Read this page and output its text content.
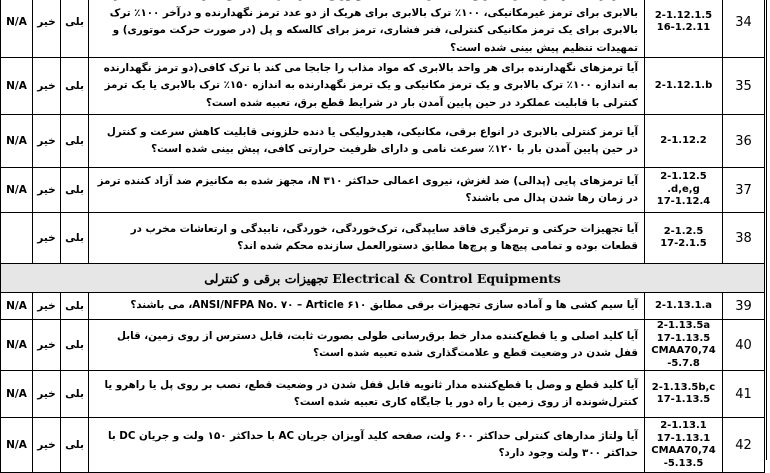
N/A	خیر	بلی	بالابری برای ترمز غیرمکانیکی، ۱۰۰٪ ترک بالابری برای هریک از دو عدد ترمز نگهدارنده و درآخر ۱۰۰٪ ترک بالابری برای یک ترمز مکانیکی کنترلی، فنر فشاری، ترمز برای کالسکه و پل (در صورت حرکت موتوری) و تمهیدات تنظیم پیش بینی شده است؟	2-1.12.1.5
16-1.2.11	34
N/A	خیر	بلی	آیا ترمزهای نگهدارنده برای هر واحد بالابری که مواد مذاب را جابجا می کند با ترک کافی(دو ترمز نگهدارنده به اندازه ۱۰۰٪ ترک بالابری و یک ترمز مکانیکی و یک ترمز نگهدارنده به اندازه ۱۵۰٪ ترک بالابری یا یک ترمز کنترلی با قابلیت عملکرد در حین پایین آمدن بار در شرایط قطع برق، تعبیه شده است؟	2-1.12.1.b	35
N/A	خیر	بلی	آیا ترمز کنترلی بالابری در انواع برقی، مکانیکی، هیدرولیکی یا دنده حلزونی قابلیت کاهش سرعت و کنترل در حین پایین آمدن بار با ۱۲۰٪ سرعت نامی و دارای ظرفیت حرارتی کافی، پیش بینی شده است؟	2-1.12.2	36
N/A	خیر	بلی	آیا ترمزهای پایی (پدالی) ضد لغزش، نیروی اعمالی حداکثر ۳۱۰ N، مجهز شده به مکانیزم ضد آزاد کننده ترمز در زمان رها شدن پدال می باشند؟	2-1.12.5
.d,e,g
17-1.12.4	37
	خیر	بلی	آیا تجهیزات حرکتی و ترمزگیری فاقد سایپدگی، ترک‌خوردگی، خوردگی، تابیدگی و ارتعاشات مخرب در قطعات بوده و تمامی پیچ‌ها و پرچ‌ها مطابق دستورالعمل سازنده محکم شده اند؟	2-1.2.5
17-2.1.5	38
تجهیزات برقی و کنترلی Electrical & Control Equipments					
N/A	خیر	بلی	آیا سیم کشی ها و آماده سازی تجهیزات برقی مطابق ANSI/NFPA No. ۷۰ – Article ۶۱۰، می باشند؟	2-1.13.1.a	39
N/A	خیر	بلی	آیا کلید اصلی و یا قطع‌کننده مدار خط برق‌رسانی طولی بصورت ثابت، قابل دسترس از روی زمین، قابل قفل شدن در وضعیت قطع و علامت‌گذاری شده تعبیه شده است؟	2-1.13.5a
17-1.13.5
CMAA70,74
-5.7.8	40
N/A	خیر	بلی	آیا کلید قطع و وصل یا قطع‌کننده مدار ثانویه قابل قفل شدن در وضعیت قطع، نصب بر روی پل یا راهرو یا کنترل‌شونده از روی زمین یا راه دور یا جایگاه کاری تعبیه شده است؟	2-1.13.5b,c
17-1.13.5	41
N/A	خیر	بلی	آیا ولتاژ مدارهای کنترلی حداکثر ۶۰۰ ولت، صفحه کلید آویزان جریان AC با حداکثر ۱۵۰ ولت و جریان DC با حداکثر ۳۰۰ ولت وجود دارد؟	2-1.13.1
17-1.13.1
CMAA70,74
-5.13.5	42
